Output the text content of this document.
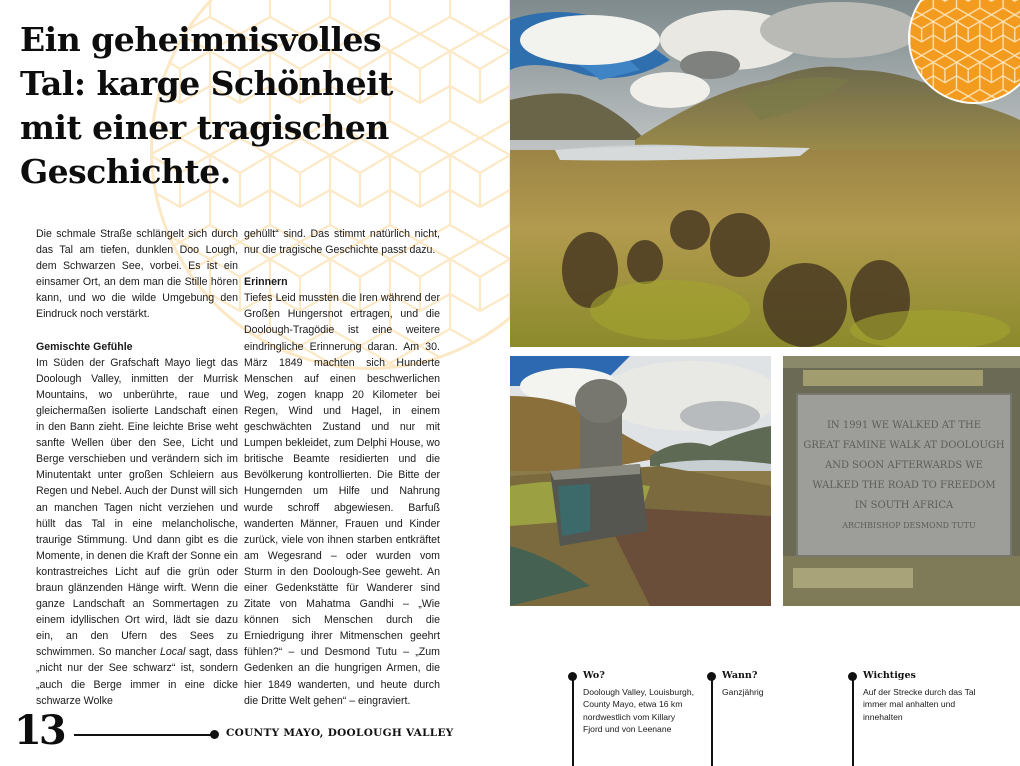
Ein geheimnisvolles Tal: karge Schönheit mit einer tragischen Geschichte.

Die schmale Straße schlängelt sich durch das Tal am tiefen, dunklen Doo Lough, dem Schwarzen See, vorbei. Es ist ein einsamer Ort, an dem man die Stille hören kann, und wo die wilde Umgebung den Eindruck noch verstärkt.

Gemischte Gefühle
Im Süden der Grafschaft Mayo liegt das Doolough Valley, inmitten der Murrisk Mountains, wo unberührte, raue und gleichermaßen isolierte Landschaft einen in den Bann zieht. Eine leichte Brise weht sanfte Wellen über den See, Licht und Berge verschieben und verändern sich im Minutentakt unter großen Schleiern aus Regen und Nebel. Auch der Dunst will sich an manchen Tagen nicht verziehen und hüllt das Tal in eine melancholische, traurige Stimmung. Und dann gibt es die Momente, in denen die Kraft der Sonne ein kontrastreiches Licht auf die grün oder braun glänzenden Hänge wirft. Wenn die ganze Landschaft an Sommertagen zu einem idyllischen Ort wird, lädt sie dazu ein, an den Ufern des Sees zu schwimmen. So mancher Local sagt, dass „nicht nur der See schwarz“ ist, sondern „auch die Berge immer in eine dicke schwarze Wolke

gehüllt“ sind. Das stimmt natürlich nicht, nur die tragische Geschichte passt dazu.

Erinnern
Tiefes Leid mussten die Iren während der Großen Hungersnot ertragen, und die Doolough-Tragödie ist eine weitere eindringliche Erinnerung daran. Am 30. März 1849 machten sich Hunderte Menschen auf einen beschwerlichen Weg, zogen knapp 20 Kilometer bei Regen, Wind und Hagel, in einem geschwächten Zustand und nur mit Lumpen bekleidet, zum Delphi House, wo britische Beamte residierten und die Bevölkerung kontrollierten. Die Bitte der Hungernden um Hilfe und Nahrung wurde schroff abgewiesen. Barfuß wanderten Männer, Frauen und Kinder zurück, viele von ihnen starben entkräftet am Wegesrand – oder wurden vom Sturm in den Doolough-See geweht. An einer Gedenkstätte für Wanderer sind Zitate von Mahatma Gandhi – „Wie können sich Menschen durch die Erniedrigung ihrer Mitmenschen geehrt fühlen?“ – und Desmond Tutu – „Zum Gedenken an die hungrigen Armen, die hier 1849 wanderten, und heute durch die Dritte Welt gehen“ – eingraviert.

13	COUNTY MAYO, DOOLOUGH VALLEY
IN 1991 WE WALKED AT THE
GREAT FAMINE WALK AT DOOLOUGH
AND SOON AFTERWARDS WE
WALKED THE ROAD TO FREEDOM
IN SOUTH AFRICA
ARCHBISHOP DESMOND TUTU
Wo?
Doolough Valley, Louisburgh, County Mayo, etwa 16 km nordwestlich vom Killary Fjord und von Leenane
Wann?
Ganzjährig
Wichtiges
Auf der Strecke durch das Tal immer mal anhalten und innehalten
